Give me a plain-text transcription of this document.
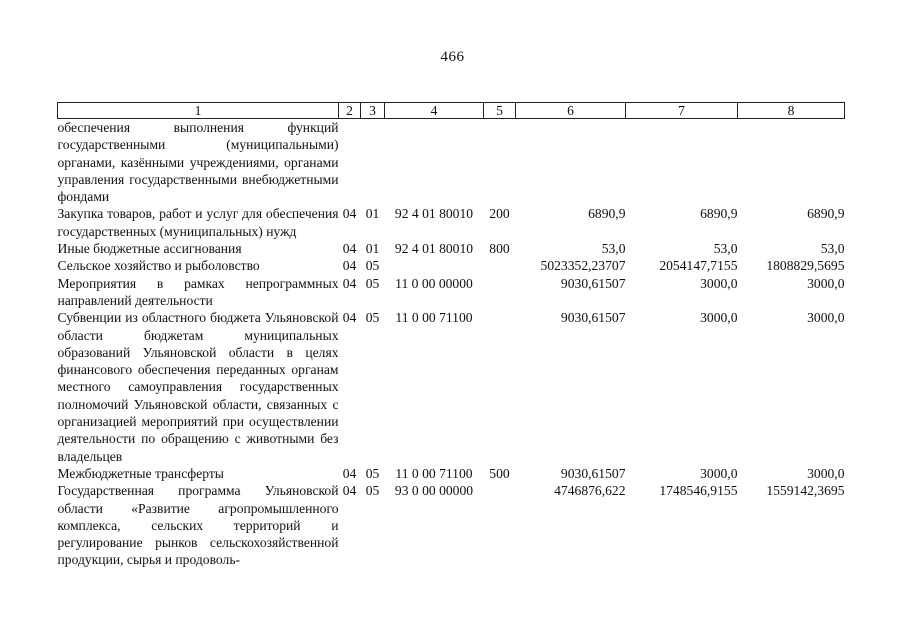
466
1	2	3	4	5	6	7	8
обеспечения выполнения функций государственными (муниципальными) органами, казёнными учреждениями, органами управления государственными внебюджетными фондами							
Закупка товаров, работ и услуг для обеспечения государственных (муниципальных) нужд	04	01	92 4 01 80010	200	6890,9	6890,9	6890,9
Иные бюджетные ассигнования	04	01	92 4 01 80010	800	53,0	53,0	53,0
Сельское хозяйство и рыболовство	04	05			5023352,23707	2054147,7155	1808829,5695
Мероприятия в рамках непрограммных направлений деятельности	04	05	11 0 00 00000		9030,61507	3000,0	3000,0
Субвенции из областного бюджета Ульяновской области бюджетам муниципальных образований Ульяновской области в целях финансового обеспечения переданных органам местного самоуправления государственных полномочий Ульяновской области, связанных с организацией мероприятий при осуществлении деятельности по обращению с животными без владельцев	04	05	11 0 00 71100		9030,61507	3000,0	3000,0
Межбюджетные трансферты	04	05	11 0 00 71100	500	9030,61507	3000,0	3000,0
Государственная программа Ульяновской области «Развитие агропромышленного комплекса, сельских территорий и регулирование рынков сельскохозяйственной продукции, сырья и продоволь-	04	05	93 0 00 00000		4746876,622	1748546,9155	1559142,3695
